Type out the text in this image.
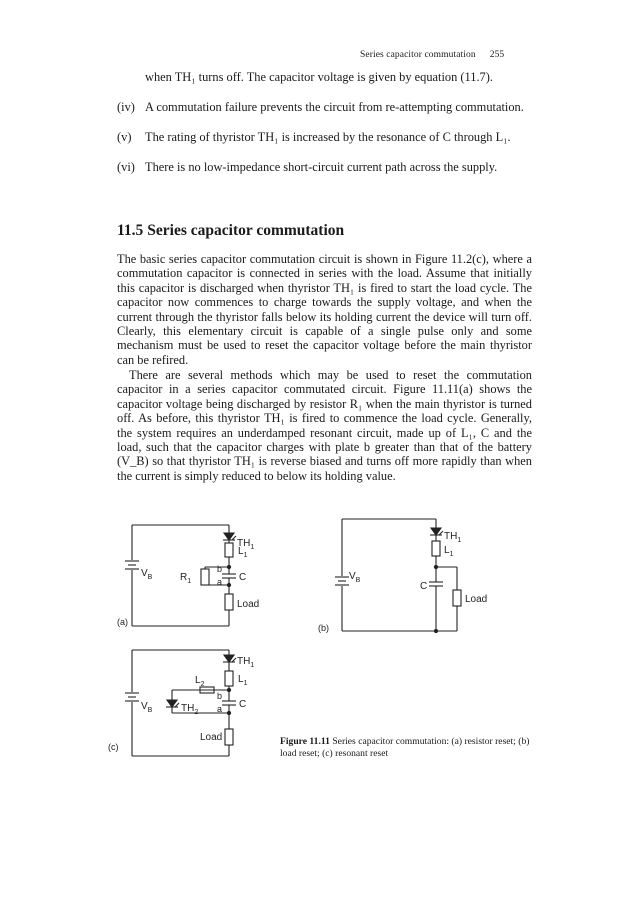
Series capacitor commutation 255
when TH₁ turns off. The capacitor voltage is given by equation (11.7).
(iv) A commutation failure prevents the circuit from re-attempting commutation.
(v)	The rating of thyristor TH₁ is increased by the resonance of C through L₁.
(vi) There is no low-impedance short-circuit current path across the supply.
11.5 Series capacitor commutation
The basic series capacitor commutation circuit is shown in Figure 11.2(c), where a commutation capacitor is connected in series with the load. Assume that initially this capacitor is discharged when thyristor TH₁ is fired to start the load cycle. The capacitor now commences to charge towards the supply voltage, and when the current through the thyristor falls below its holding current the device will turn off. Clearly, this elementary circuit is capable of a single pulse only and some mechanism must be used to reset the capacitor voltage before the main thyristor can be refired.
There are several methods which may be used to reset the commutation capacitor in a series capacitor commutated circuit. Figure 11.11(a) shows the capacitor voltage being discharged by resistor R₁ when the main thyristor is turned off. As before, this thyristor TH₁ is fired to commence the load cycle. Generally, the system requires an underdamped resonant circuit, made up of L₁, C and the load, such that the capacitor charges with plate b greater than that of the battery (V_B) so that thyristor TH₁ is reverse biased and turns off more rapidly than when the current is simply reduced to below its holding value.
$TH_1$
$L_1$
$V_B$	$R_1$
b
a C
Load
(a)
$TH_1$
$L_1$
$V_B$
C
Load
(b)
$TH_1$
$L_2$	$L_1$
b
a C
$V_B$	$TH_2$
Load
(c)	Figure 11.11 Series capacitor commutation: (a) resistor reset; (b) load reset; (c) resonant reset
